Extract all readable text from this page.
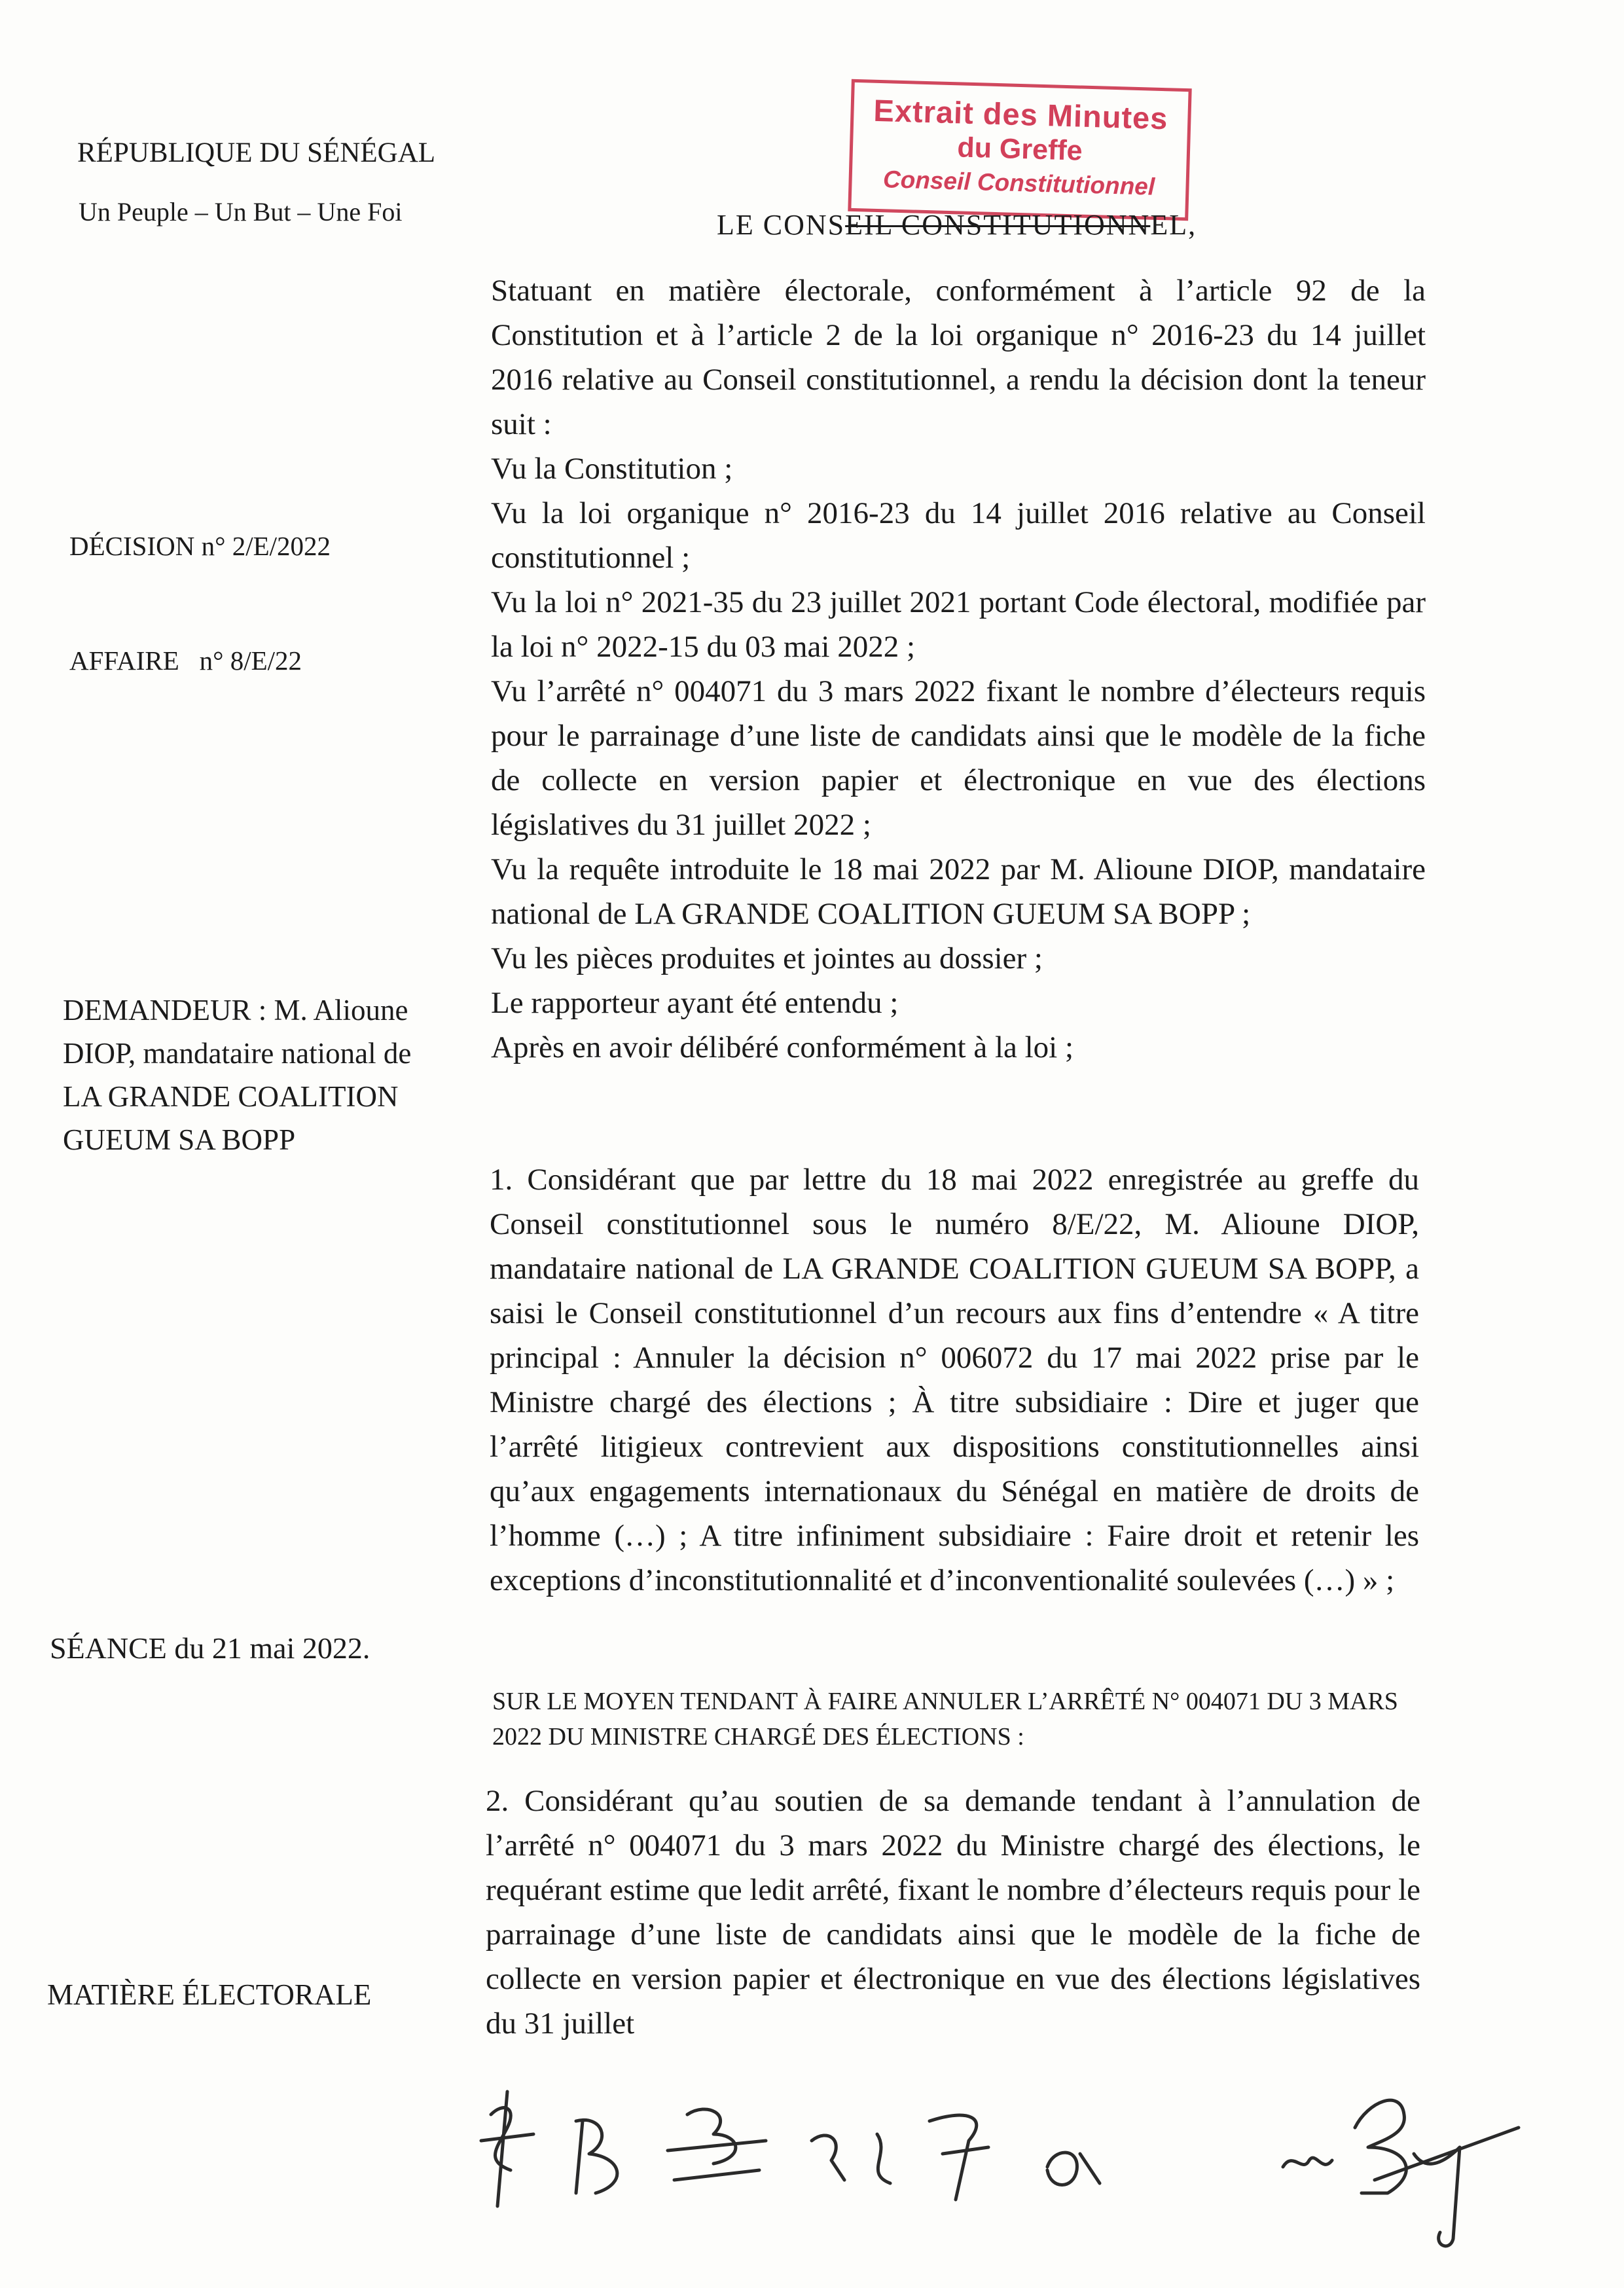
RÉPUBLIQUE DU SÉNÉGAL
Un Peuple – Un But – Une Foi
Extrait des Minutes
du Greffe
Conseil Constitutionnel
LE CONSEIL CONSTITUTIONNEL,
DÉCISION n° 2/E/2022
AFFAIRE   n° 8/E/22
DEMANDEUR : M. Alioune DIOP, mandataire national de LA GRANDE COALITION GUEUM SA BOPP
SÉANCE du 21 mai 2022.
MATIÈRE ÉLECTORALE

Statuant en matière électorale, conformément à l’article 92 de la Constitution et à l’article 2 de la loi organique n° 2016-23 du 14 juillet 2016 relative au Conseil constitutionnel, a rendu la décision dont la teneur suit :

Vu la Constitution ;

Vu la loi organique n° 2016-23 du 14 juillet 2016 relative au Conseil constitutionnel ;

Vu la loi n° 2021-35 du 23 juillet 2021 portant Code électoral, modifiée par la loi n° 2022-15 du 03 mai 2022 ;

Vu l’arrêté n° 004071 du 3 mars 2022 fixant le nombre d’électeurs requis pour le parrainage d’une liste de candidats ainsi que le modèle de la fiche de collecte en version papier et électronique en vue des élections législatives du 31 juillet 2022 ;

Vu la requête introduite le 18 mai 2022 par M. Alioune DIOP, mandataire national de LA GRANDE COALITION GUEUM SA BOPP ;

Vu les pièces produites et jointes au dossier ;

Le rapporteur ayant été entendu ;

Après en avoir délibéré conformément à la loi ;

1. Considérant que par lettre du 18 mai 2022 enregistrée au greffe du Conseil constitutionnel sous le numéro 8/E/22, M. Alioune DIOP, mandataire national de LA GRANDE COALITION GUEUM SA BOPP, a saisi le Conseil constitutionnel d’un recours aux fins d’entendre « A titre principal : Annuler la décision n° 006072 du 17 mai 2022 prise par le Ministre chargé des élections ; À titre subsidiaire : Dire et juger que l’arrêté litigieux contrevient aux dispositions constitutionnelles ainsi qu’aux engagements internationaux du Sénégal en matière de droits de l’homme (…) ; A titre infiniment subsidiaire : Faire droit et retenir les exceptions d’inconstitutionnalité et d’inconventionalité soulevées (…) » ;
SUR LE MOYEN TENDANT À FAIRE ANNULER L’ARRÊTÉ N° 004071 DU 3 MARS 2022 DU MINISTRE CHARGÉ DES ÉLECTIONS :
2. Considérant qu’au soutien de sa demande tendant à l’annulation de l’arrêté n° 004071 du 3 mars 2022 du Ministre chargé des élections, le requérant estime que ledit arrêté, fixant le nombre d’électeurs requis pour le parrainage d’une liste de candidats ainsi que le modèle de la fiche de collecte en version papier et électronique en vue des élections législatives du 31 juillet
